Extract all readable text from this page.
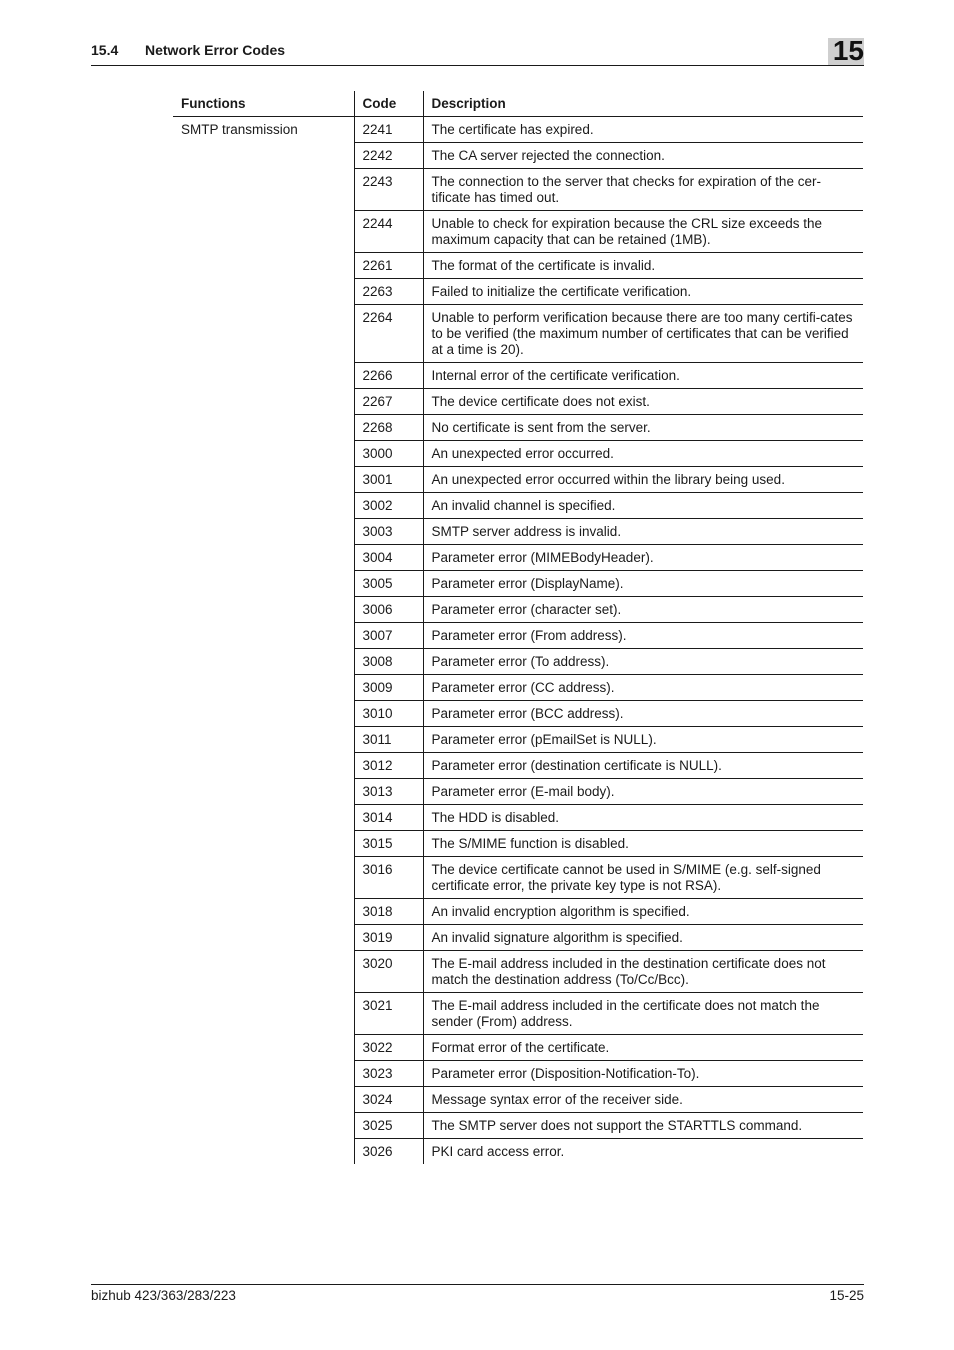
15.4 Network Error Codes	15
Functions	Code	Description
SMTP transmission	2241	The certificate has expired.
	2242	The CA server rejected the connection.
	2243	The connection to the server that checks for expiration of the cer-tificate has timed out.
	2244	Unable to check for expiration because the CRL size exceeds the maximum capacity that can be retained (1MB).
	2261	The format of the certificate is invalid.
	2263	Failed to initialize the certificate verification.
	2264	Unable to perform verification because there are too many certifi-cates to be verified (the maximum number of certificates that can be verified at a time is 20).
	2266	Internal error of the certificate verification.
	2267	The device certificate does not exist.
	2268	No certificate is sent from the server.
	3000	An unexpected error occurred.
	3001	An unexpected error occurred within the library being used.
	3002	An invalid channel is specified.
	3003	SMTP server address is invalid.
	3004	Parameter error (MIMEBodyHeader).
	3005	Parameter error (DisplayName).
	3006	Parameter error (character set).
	3007	Parameter error (From address).
	3008	Parameter error (To address).
	3009	Parameter error (CC address).
	3010	Parameter error (BCC address).
	3011	Parameter error (pEmailSet is NULL).
	3012	Parameter error (destination certificate is NULL).
	3013	Parameter error (E-mail body).
	3014	The HDD is disabled.
	3015	The S/MIME function is disabled.
	3016	The device certificate cannot be used in S/MIME (e.g. self-signed certificate error, the private key type is not RSA).
	3018	An invalid encryption algorithm is specified.
	3019	An invalid signature algorithm is specified.
	3020	The E-mail address included in the destination certificate does not match the destination address (To/Cc/Bcc).
	3021	The E-mail address included in the certificate does not match the sender (From) address.
	3022	Format error of the certificate.
	3023	Parameter error (Disposition-Notification-To).
	3024	Message syntax error of the receiver side.
	3025	The SMTP server does not support the STARTTLS command.
	3026	PKI card access error.
bizhub 423/363/283/223	15-25
